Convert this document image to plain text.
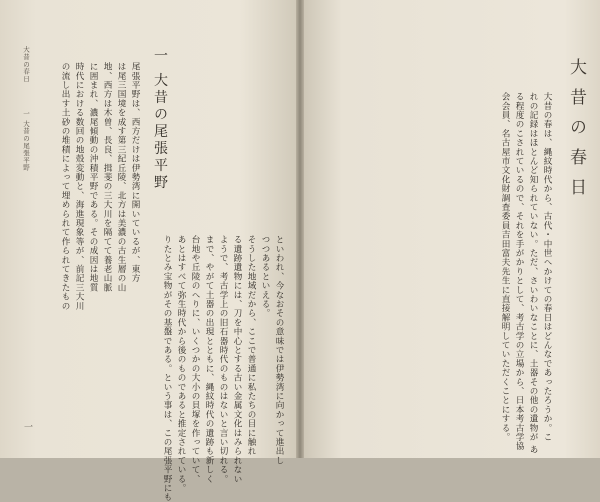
一
大昔の春日
一 大昔の尾張平野	一 大昔の尾張平野
尾張平野は、西方だけは伊勢湾に開いているが、東方
は尾三国境を成す第三紀丘陵、北方は美濃の古生層の山
地、西方は木曽、長良、揖斐の三大川を隔てて養老山脈
に囲まれ、濃尾傾動の沖積平野である。その成因は地質
時代における数回の地殻変動と、海進現象等が、前記三大川
の流し出す土砂の堆積によって埋められて作られてきたもの
といわれ、今なおその意味では伊勢湾に向かって進出し
つつあるといえる。
そうした地域だから、ここで普通に私たちの目に触れ
る遺跡遺物には、刀を中心とする古い金属文化はみられない
ようで、考古学上の旧石器時代のものはないと言い切れる。
まで、やがて土器の出現とともに、縄紋時代の遺跡も新しく
台地や丘陵のへりに、いくつかの大小の貝塚を作っていて、
あとはすべて弥生時代から後のものであると推定されている。
りたとみ宝物がその基盤である。という事は、この尾張平野にも
大昔の春日
大昔の春は、縄紋時代から、古代・中世へかけての春日はどんなであったろうか。こ
れの記録はほとんど知られていない。ただ、さいわいなことに、土器その他の遺物が あ
る程度のこされているので、それを手がかりとして、考古学の立場から、日本考古学協
会会員、名古屋市文化財調査委員吉田富夫先生に直接解明していただくことにする。
